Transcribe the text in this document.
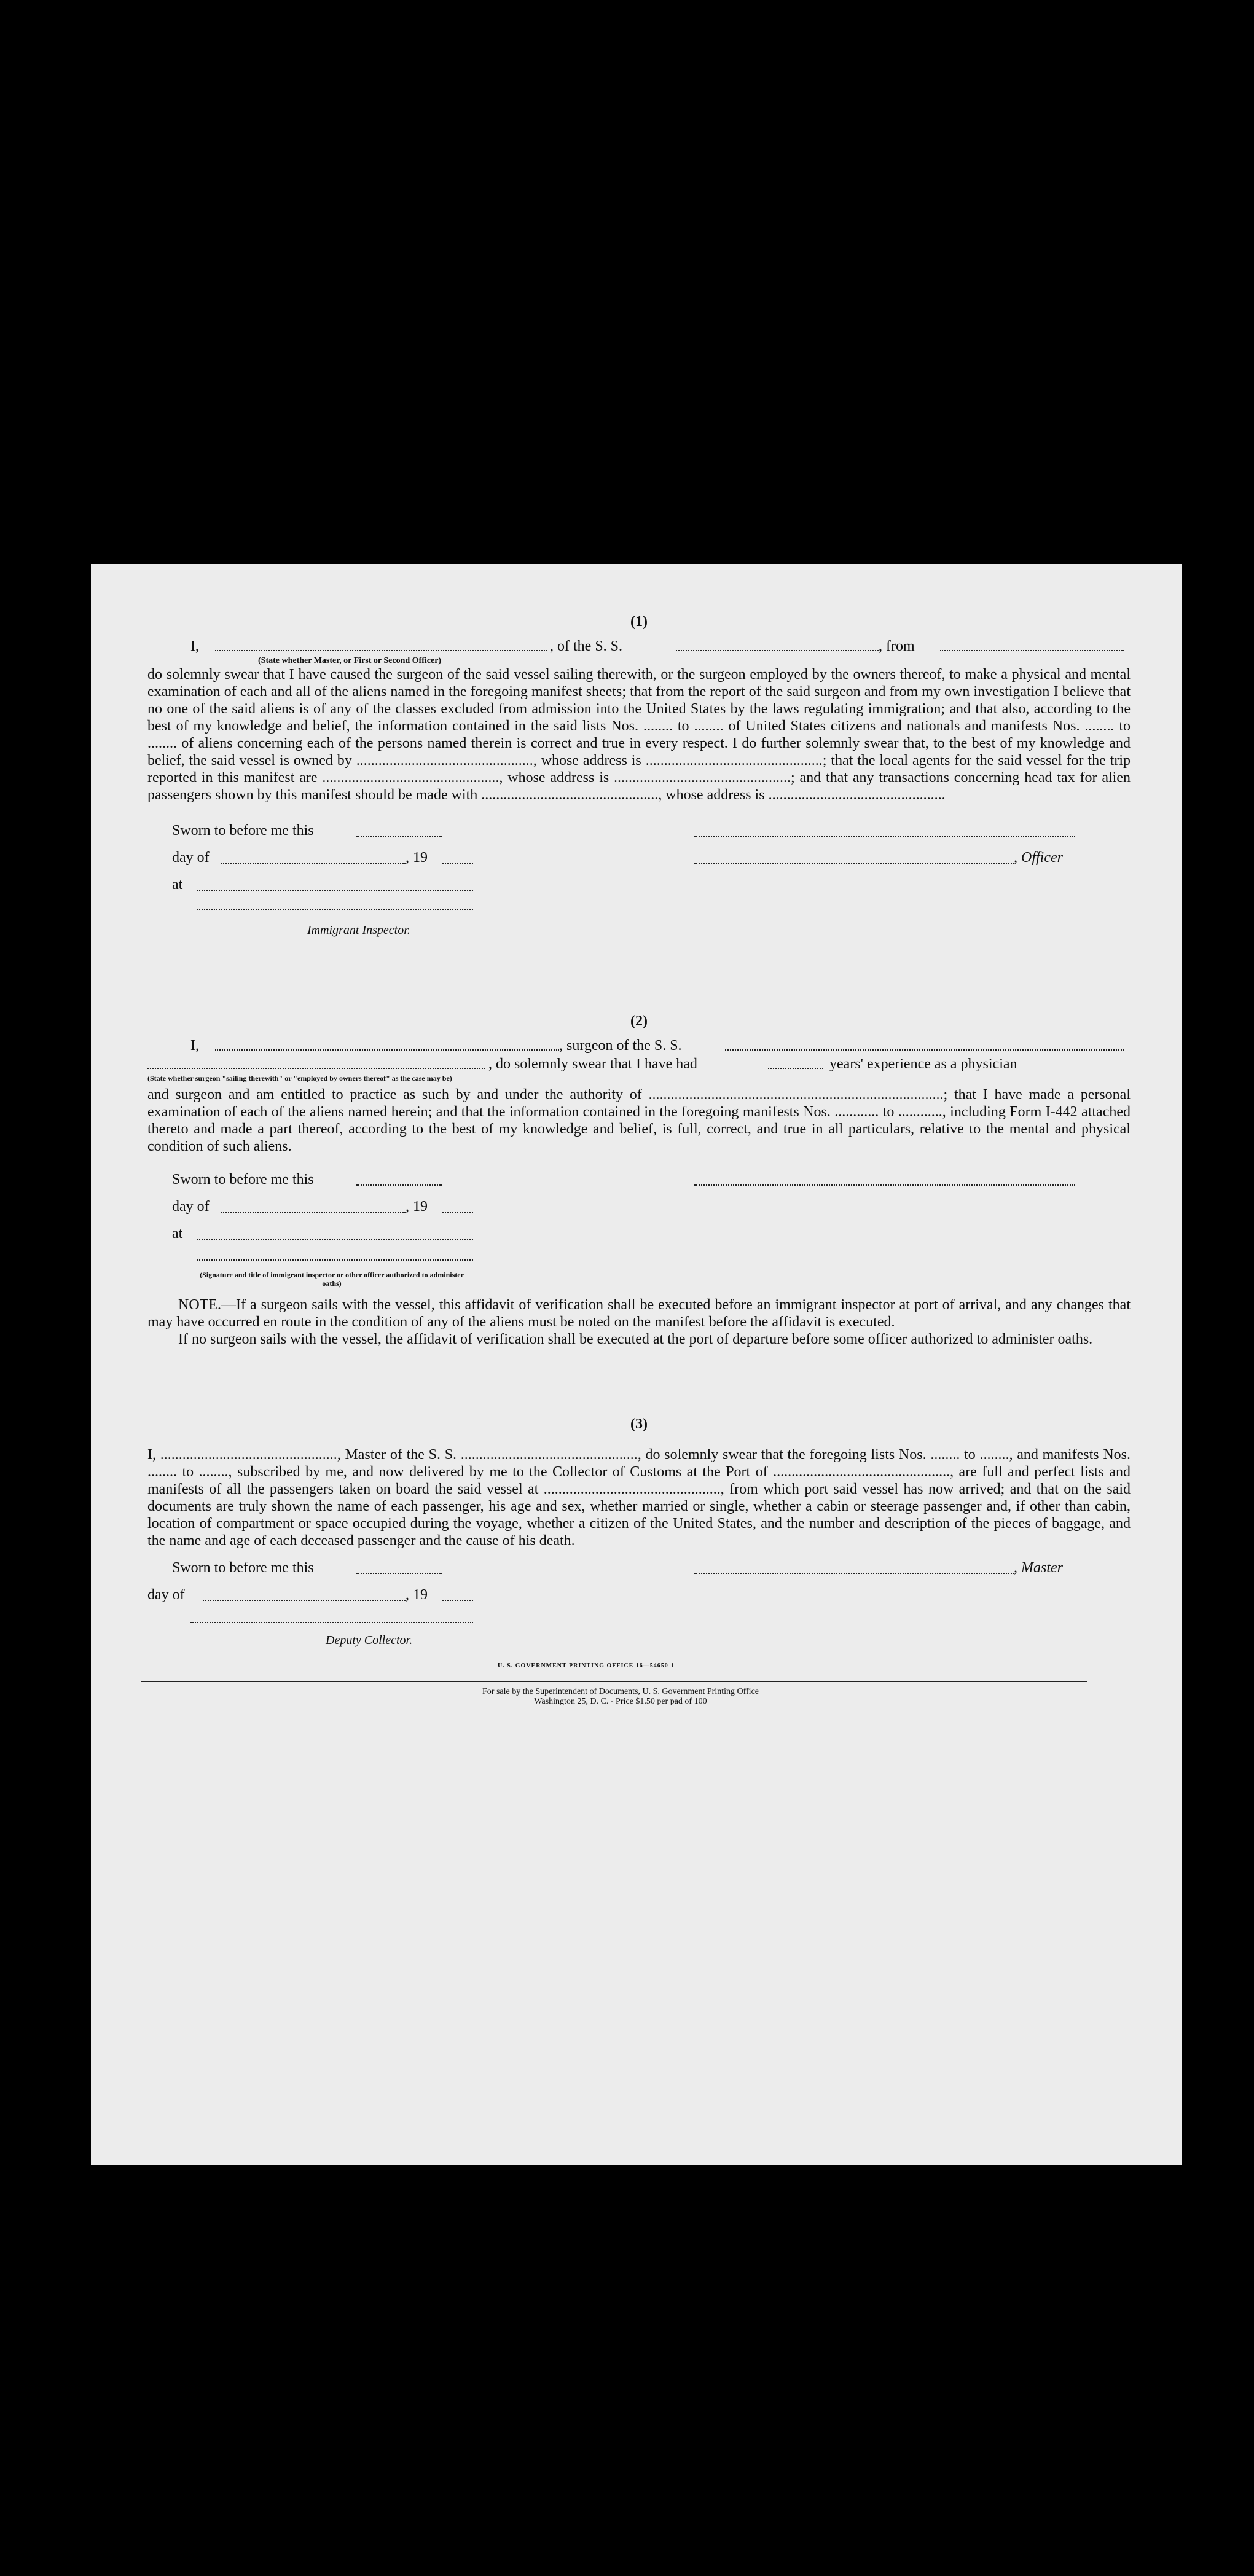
(1)
I,	, of the S. S.	, from
(State whether Master, or First or Second Officer)

do solemnly swear that I have caused the surgeon of the said vessel sailing therewith, or the surgeon employed by the owners thereof, to make a physical and mental examination of each and all of the aliens named in the foregoing manifest sheets; that from the report of the said surgeon and from my own investigation I believe that no one of the said aliens is of any of the classes excluded from admission into the United States by the laws regulating immigration; and that also, according to the best of my knowledge and belief, the information contained in the said lists Nos. ........ to ........ of United States citizens and nationals and manifests Nos. ........ to ........ of aliens concerning each of the persons named therein is correct and true in every respect. I do further solemnly swear that, to the best of my knowledge and belief, the said vessel is owned by ................................................, whose address is ................................................; that the local agents for the said vessel for the trip reported in this manifest are ................................................, whose address is ................................................; and that any transactions concerning head tax for alien passengers shown by this manifest should be made with ................................................, whose address is ................................................

Sworn to before me this
day of	, 19	, Officer
at
Immigrant Inspector.
(2)
I,	, surgeon of the S. S.
, do solemnly swear that I have had	years' experience as a physician
(State whether surgeon "sailing therewith" or "employed by owners thereof" as the case may be)

and surgeon and am entitled to practice as such by and under the authority of ................................................................................; that I have made a personal examination of each of the aliens named herein; and that the information contained in the foregoing manifests Nos. ............ to ............, including Form I-442 attached thereto and made a part thereof, according to the best of my knowledge and belief, is full, correct, and true in all particulars, relative to the mental and physical condition of such aliens.

Sworn to before me this
day of	, 19
at
(Signature and title of immigrant inspector or other officer authorized to administer oaths)

NOTE.—If a surgeon sails with the vessel, this affidavit of verification shall be executed before an immigrant inspector at port of arrival, and any changes that may have occurred en route in the condition of any of the aliens must be noted on the manifest before the affidavit is executed.

If no surgeon sails with the vessel, the affidavit of verification shall be executed at the port of departure before some officer authorized to administer oaths.

(3)

I, ................................................, Master of the S. S. ................................................, do solemnly swear that the foregoing lists Nos. ........ to ........, and manifests Nos. ........ to ........, subscribed by me, and now delivered by me to the Collector of Customs at the Port of ................................................, are full and perfect lists and manifests of all the passengers taken on board the said vessel at ................................................, from which port said vessel has now arrived; and that on the said documents are truly shown the name of each passenger, his age and sex, whether married or single, whether a cabin or steerage passenger and, if other than cabin, location of compartment or space occupied during the voyage, whether a citizen of the United States, and the number and description of the pieces of baggage, and the name and age of each deceased passenger and the cause of his death.

Sworn to before me this	, Master
day of	, 19
Deputy Collector.
U. S. GOVERNMENT PRINTING OFFICE 16—54650-1
For sale by the Superintendent of Documents, U. S. Government Printing Office
Washington 25, D. C. - Price $1.50 per pad of 100
